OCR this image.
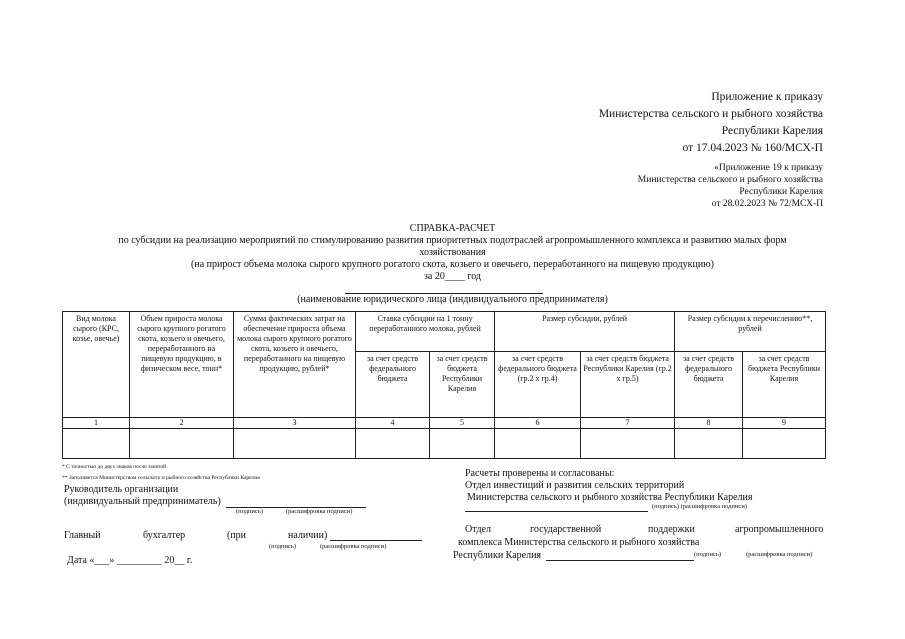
Приложение к приказу
Министерства сельского и рыбного хозяйства
Республики Карелия
от 17.04.2023 № 160/МСХ-П
«Приложение 19 к приказу
Министерства сельского и рыбного хозяйства
Республики Карелия
от 28.02.2023 № 72/МСХ-П
СПРАВКА-РАСЧЕТ
по субсидии на реализацию мероприятий по стимулированию развития приоритетных подотраслей агропромышленного комплекса и развитию малых форм
хозяйствования
(на прирост объема молока сырого крупного рогатого скота, козьего и овечьего, переработанного на пищевую продукцию)
за 20____ год
(наименование юридического лица (индивидуального предпринимателя)
Вид молока сырого (КРС, козье, овечье)	Объем прироста молока сырого крупного рогатого скота, козьего и овечьего, переработанного на пищевую продукцию, в физическом весе, тонн*	Сумма фактических затрат на обеспечение прироста объема молока сырого крупного рогатого скота, козьего и овечьего, переработанного на пищевую продукцию, рублей*	Ставка субсидии на 1 тонну переработанного молока, рублей		Размер субсидии, рублей		Размер субсидии к перечислению**, рублей	
			за счет средств федерального бюджета	за счет средств бюджета Республики Карелия	за счет средств федерального бюджета (гр.2 х гр.4)	за счет средств бюджета Республики Карелия (гр.2 х гр.5)	за счет средств федерального бюджета	за счет средств бюджета Республики Карелия
1	2	3	4	5	6	7	8	9

* С точностью до двух знаков после запятой
** Заполняется Министерством сельского и рыбного хозяйства Республики Карелия
Руководитель организации
(индивидуальный предприниматель)
(подпись)	(расшифровка подписи)
Главный	бухгалтер	(при	наличии)
(подпись)	(расшифровка подписи)
Дата «___» _________ 20__ г.
Расчеты проверены и согласованы:
Отдел инвестиций и развития сельских территорий
Министерства сельского и рыбного хозяйства Республики Карелия
(подпись) (расшифровка подписи)
Отдел	государственной	поддержки	агропромышленного
комплекса Министерства сельского и рыбного хозяйства
Республики Карелия	(подпись)	(расшифровка подписи)
